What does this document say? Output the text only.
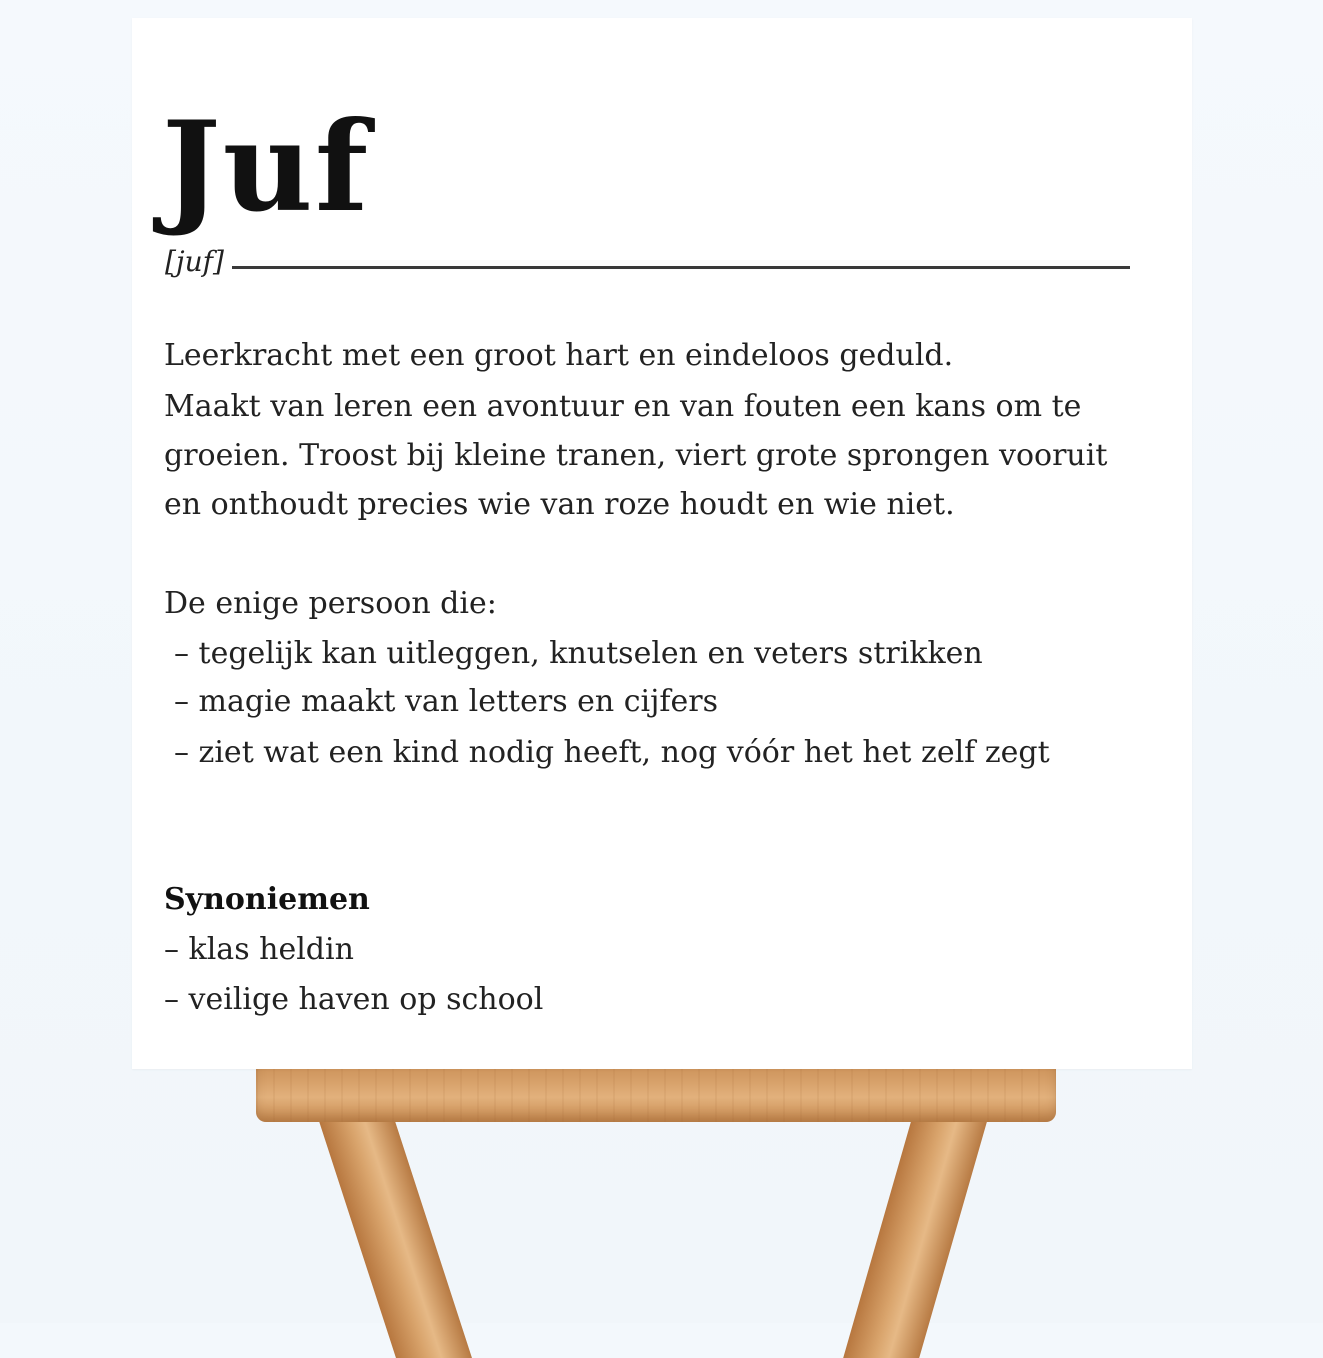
Juf
[juf]

Leerkracht met een groot hart en eindeloos geduld.

Maakt van leren een avontuur en van fouten een kans om te

groeien. Troost bij kleine tranen, viert grote sprongen vooruit

en onthoudt precies wie van roze houdt en wie niet.

De enige persoon die:

– tegelijk kan uitleggen, knutselen en veters strikken

– magie maakt van letters en cijfers

– ziet wat een kind nodig heeft, nog vóór het het zelf zegt

Synoniemen

– klas heldin

– veilige haven op school
